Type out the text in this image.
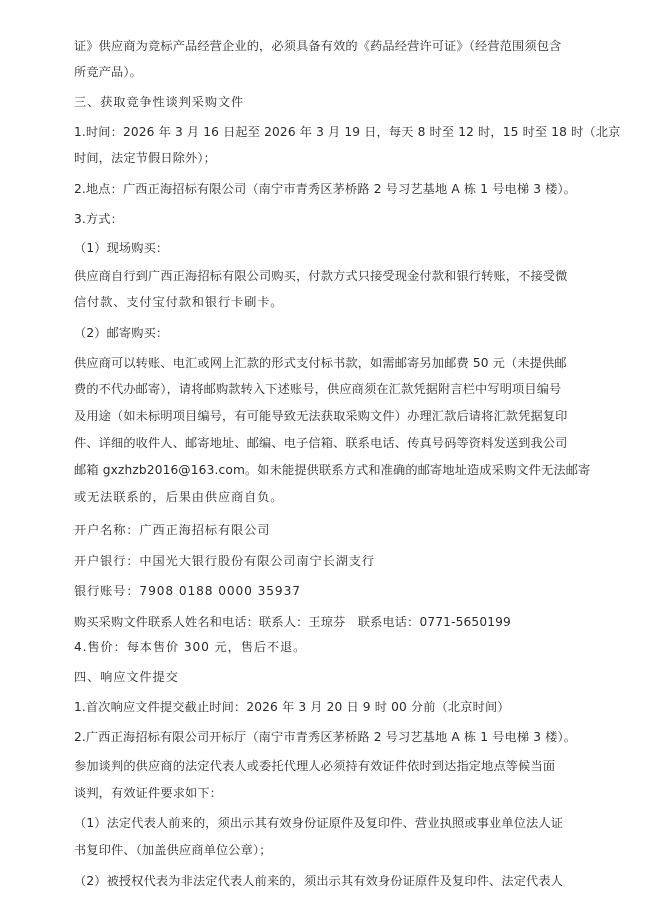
证》供应商为竞标产品经营企业的，必须具备有效的《药品经营许可证》（经营范围须包含
所竞产品）。
三、获取竞争性谈判采购文件
1.时间：2026 年 3 月 16 日起至 2026 年 3 月 19 日，每天 8 时至 12 时，15 时至 18 时（北京
时间，法定节假日除外）；
2.地点：广西正海招标有限公司（南宁市青秀区茅桥路 2 号习艺基地 A 栋 1 号电梯 3 楼）。
3.方式：
（1）现场购买：
供应商自行到广西正海招标有限公司购买，付款方式只接受现金付款和银行转账，不接受微
信付款、支付宝付款和银行卡刷卡。
（2）邮寄购买：
供应商可以转账、电汇或网上汇款的形式支付标书款，如需邮寄另加邮费 50 元（未提供邮
费的不代办邮寄），请将邮购款转入下述账号，供应商须在汇款凭据附言栏中写明项目编号
及用途（如未标明项目编号，有可能导致无法获取采购文件）办理汇款后请将汇款凭据复印
件、详细的收件人、邮寄地址、邮编、电子信箱、联系电话、传真号码等资料发送到我公司
邮箱 gxzhzb2016@163.com。如未能提供联系方式和准确的邮寄地址造成采购文件无法邮寄
或无法联系的，后果由供应商自负。
开户名称：广西正海招标有限公司
开户银行：中国光大银行股份有限公司南宁长湖支行
银行账号：7908 0188 0000 35937
购买采购文件联系人姓名和电话：联系人：王琼芬　联系电话：0771-5650199
4.售价：每本售价 300 元，售后不退。
四、响应文件提交
1.首次响应文件提交截止时间：2026 年 3 月 20 日 9 时 00 分前（北京时间）
2.广西正海招标有限公司开标厅（南宁市青秀区茅桥路 2 号习艺基地 A 栋 1 号电梯 3 楼）。
参加谈判的供应商的法定代表人或委托代理人必须持有效证件依时到达指定地点等候当面
谈判，有效证件要求如下：
（1）法定代表人前来的，须出示其有效身份证原件及复印件、营业执照或事业单位法人证
书复印件、（加盖供应商单位公章）；
（2）被授权代表为非法定代表人前来的，须出示其有效身份证原件及复印件、法定代表人
